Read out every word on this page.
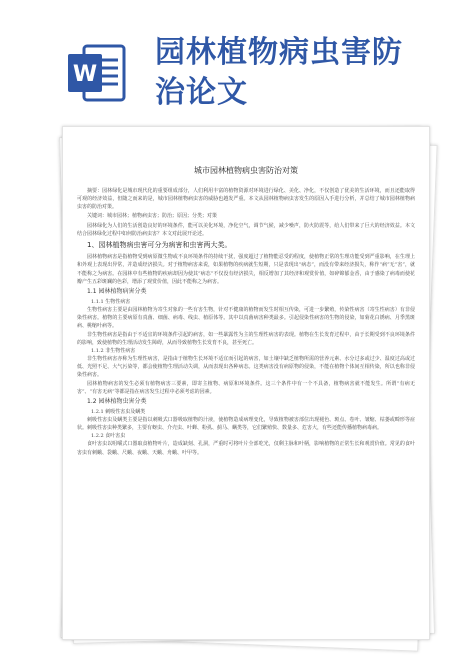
W
园林植物病虫害防
治论文
城市园林植物病虫害防治对策

摘要：园林绿化是城市现代化的重要组成部分，人们利用丰富的植物资源对环境进行绿化、美化、净化，不仅创造了优美的生活环境，而且还能取得可观的经济效益，但随之而来的是，城市园林植物病虫害的威胁也越发严重。本文从园林植物病虫害发生的原因入手进行分析，并总结了城市园林植物病虫害的防治对策。

关键词：城市园林；植物病虫害；防治；原因；分类；对策

园林绿化为人们的生活创造良好的环境条件，能可以美化环境，净化空气，调节气候，减少噪声，防火防震等，给人们带来了巨大的经济效益。本文结合园林绿化过程中如何防治病虫害？本文对此展开论述。

1、园林植物病虫害可分为病害和虫害两大类。

园林植物病害是指植物受到病原微生物或不良环境条件的持续干扰，强度超过了植物能忍受的程度，使植物正常的生理功能受到严重影响，在生理上和外观上表现出异常，并造成经济损失。对于植物病害来说，如果植物的疾病就生短期，只是表现出“病态”，而没有带来经济损失，称作“病”无“害”，就不能称之为病害。在园林中有些植物的疾病却因为使其“病态”不仅没有经济损失，相反增加了其经济和观赏价值，如碎锦郁金香，由于感染了病毒而使花瓣产生五彩斑斓的色彩，增添了观赏价值，因此不能称之为病害。

1.1 园林植物病害分类
1.1.1 生物性病害

生物性病害主要是由园林植物为寄生对象的一些有害生物，针对不健康的植物而发生时相互传染，可进一步繁殖，传染性病害（寄生性病害）有非侵染性病害。植物的主要病原有真菌、细菌、病毒、线虫、植原体等。其中以真菌病害种类最多。引起侵染性病害的生物的侵染，如菊花白锈病、月季黑斑病、桃缩叶病等。

非生物性病害是指由于不适宜的环境条件引起的病害，如一些暴露性为主的生理性病害的表现。植物在生长发育过程中，由于长期受到不良环境条件的影响，致使植物的生理活动发生障碍，从而导致植物生长发育不良，甚至死亡。

1.1.2 非生物性病害

非生物性病害亦称为生理性病害，是指由于植物生长环境不适宜而引起的病害，如土壤中缺乏植物所需的营养元素、水分过多或过少、温度过高或过低、光照不足、大气污染等，都会使植物生理活动失调，从而表现出各种病态。这类病害没有病原物的侵染，不能在植物个体间互相传染，所以也称非侵染性病害。

园林植物病害的发生必须有植物病害三要素，即寄主植物、病原和环境条件。这三个条件中有一个不具备，植物病害就不能发生。所谓“有病无害”、“有害无病”等都是指在病害发生过程中必须考虑的因素。

1.2 园林植物虫害分类
1.2.1 刺吸性害虫及螨类

刺吸性害虫及螨类主要是指以刺吸式口器吸取植物的汁液，使植物造成病理变化，导致植物被害部位出现褪色、斑点、卷叶、皱缩、枯萎或畸形等症状。刺吸性害虫种类繁多，主要有蚜虫、介壳虫、叶蝉、粉虱、蓟马、螨类等，它们繁殖快、数量多、危害大，有些还能传播植物病毒病。

1.2.2 食叶害虫

食叶害虫以咀嚼式口器取食植物叶片，造成缺刻、孔洞，严重时可将叶片全部吃光，仅剩主脉和叶柄，影响植物的正常生长和观赏价值。常见的食叶害虫有刺蛾、袋蛾、尺蛾、夜蛾、天蛾、舟蛾、叶甲等。
